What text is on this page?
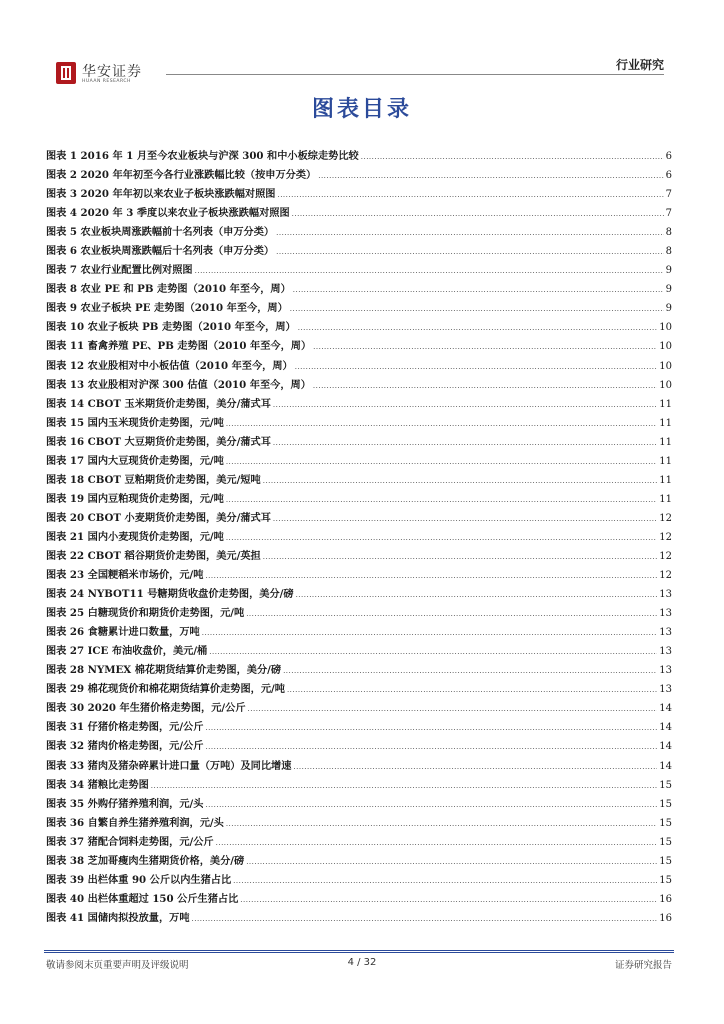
华安证券
HUAAN RESEARCH
行业研究
图表目录
图表 1 2016 年 1 月至今农业板块与沪深 300 和中小板综走势比较 .....	6
图表 2 2020 年年初至今各行业涨跌幅比较（按申万分类） .....	6
图表 3 2020 年年初以来农业子板块涨跌幅对照图 .....	7
图表 4 2020 年 3 季度以来农业子板块涨跌幅对照图 .....	7
图表 5 农业板块周涨跌幅前十名列表（申万分类） .....	8
图表 6 农业板块周涨跌幅后十名列表（申万分类） .....	8
图表 7 农业行业配置比例对照图 .....	9
图表 8 农业 PE 和 PB 走势图（2010 年至今，周） .....	9
图表 9 农业子板块 PE 走势图（2010 年至今，周） .....	9
图表 10 农业子板块 PB 走势图（2010 年至今，周） .....	10
图表 11 畜禽养殖 PE、PB 走势图（2010 年至今，周） .....	10
图表 12 农业股相对中小板估值（2010 年至今，周） .....	10
图表 13 农业股相对沪深 300 估值（2010 年至今，周） .....	10
图表 14 CBOT 玉米期货价走势图，美分/蒲式耳 .....	11
图表 15 国内玉米现货价走势图，元/吨 .....	11
图表 16 CBOT 大豆期货价走势图，美分/蒲式耳 .....	11
图表 17 国内大豆现货价走势图，元/吨 .....	11
图表 18 CBOT 豆粕期货价走势图，美元/短吨 .....	11
图表 19 国内豆粕现货价走势图，元/吨 .....	11
图表 20 CBOT 小麦期货价走势图，美分/蒲式耳 .....	12
图表 21 国内小麦现货价走势图，元/吨 .....	12
图表 22 CBOT 稻谷期货价走势图，美元/英担 .....	12
图表 23 全国粳稻米市场价，元/吨 .....	12
图表 24 NYBOT11 号糖期货收盘价走势图，美分/磅 .....	13
图表 25 白糖现货价和期货价走势图，元/吨 .....	13
图表 26 食糖累计进口数量，万吨 .....	13
图表 27 ICE 布油收盘价，美元/桶 .....	13
图表 28 NYMEX 棉花期货结算价走势图，美分/磅 .....	13
图表 29 棉花现货价和棉花期货结算价走势图，元/吨 .....	13
图表 30 2020 年生猪价格走势图，元/公斤 .....	14
图表 31 仔猪价格走势图，元/公斤 .....	14
图表 32 猪肉价格走势图，元/公斤 .....	14
图表 33 猪肉及猪杂碎累计进口量（万吨）及同比增速 .....	14
图表 34 猪粮比走势图 .....	15
图表 35 外购仔猪养殖利润，元/头 .....	15
图表 36 自繁自养生猪养殖利润，元/头 .....	15
图表 37 猪配合饲料走势图，元/公斤 .....	15
图表 38 芝加哥瘦肉生猪期货价格，美分/磅 .....	15
图表 39 出栏体重 90 公斤以内生猪占比 .....	15
图表 40 出栏体重超过 150 公斤生猪占比 .....	16
图表 41 国储肉拟投放量，万吨 .....	16
敬请参阅末页重要声明及评级说明	4 / 32	证券研究报告
